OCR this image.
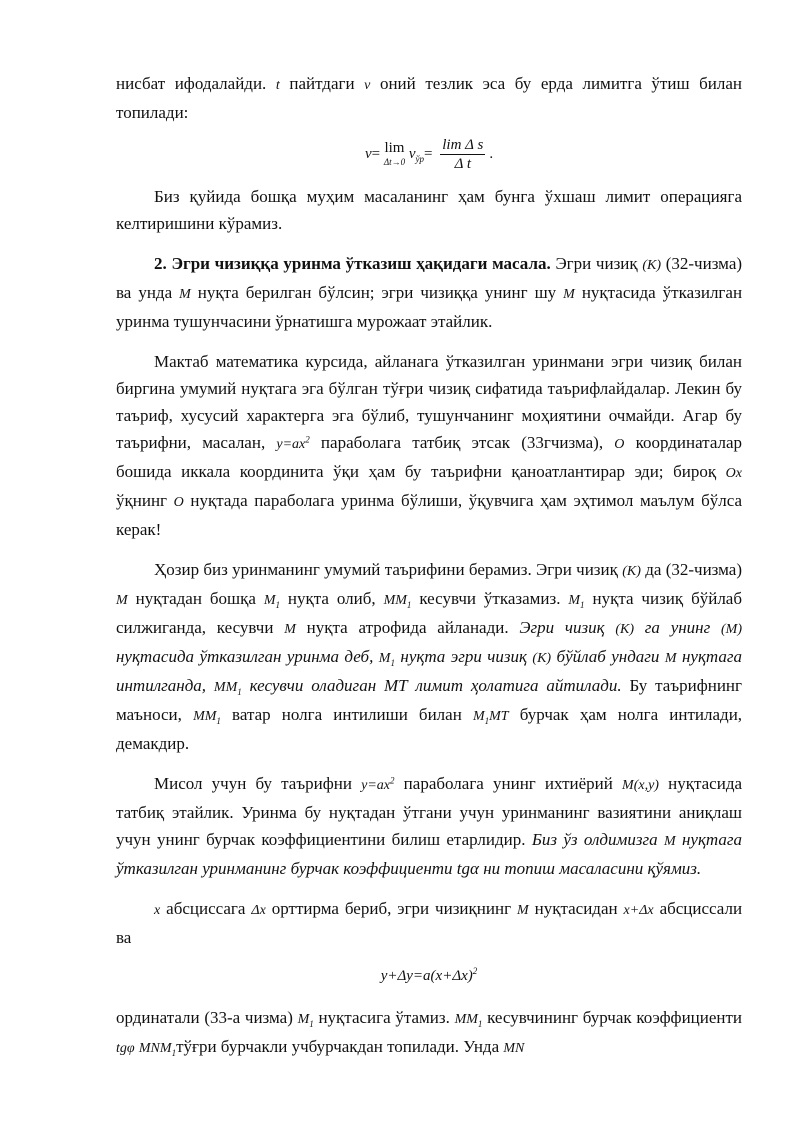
нисбат ифодалайди. t пайтдаги v оний тезлик эса бу ерда лимитга ўтиш билан топилади:

v= lim
Δt→0 $v_{ўр}= \frac{\text{lim Δ s}}{\text{Δ t}}$ .

Биз қуйида бошқа муҳим масаланинг ҳам бунга ўхшаш лимит операцияга келтиришини кўрамиз.

2. Эгри чизиққа уринма ўтказиш ҳақидаги масала. Эгри чизиқ (K) (32-чизма) ва унда M нуқта берилган бўлсин; эгри чизиққа унинг шу M нуқтасида ўтказилган уринма тушунчасини ўрнатишга мурожаат этайлик.

Мактаб математика курсида, айланага ўтказилган уринмани эгри чизиқ билан биргина умумий нуқтага эга бўлган тўғри чизиқ сифатида таърифлайдалар. Лекин бу таъриф, хусусий характерга эга бўлиб, тушунчанинг моҳиятини очмайди. Агар бу таърифни, масалан, $y=ax^2$ параболага татбиқ этсак (33гчизма), O координаталар бошида иккала координита ўқи ҳам бу таърифни қаноатлантирар эди; бироқ Ox ўқнинг O нуқтада параболага уринма бўлиши, ўқувчига ҳам эҳтимол маълум бўлса керак!

Ҳозир биз уринманинг умумий таърифини берамиз. Эгри чизиқ (K) да (32-чизма) M нуқтадан бошқа $M_1$ нуқта олиб, $MM_1$ кесувчи ўтказамиз. $M_1$ нуқта чизиқ бўйлаб силжиганда, кесувчи M нуқта атрофида айланади. Эгри чизиқ (K) га унинг (M) нуқтасида ўтказилган уринма деб, $M_1$ нуқта эгри чизиқ (K) бўйлаб ундаги M нуқтага интилганда, $MM_1$ кесувчи оладиган МТ лимит ҳолатига айтилади. Бу таърифнинг маъноси, $MM_1$ ватар нолга интилиши билан $M_1MT$ бурчак ҳам нолга интилади, демакдир.

Мисол учун бу таърифни $y=ax^2$ параболага унинг ихтиёрий M(x,y) нуқтасида татбиқ этайлик. Уринма бу нуқтадан ўтгани учун уринманинг вазиятини аниқлаш учун унинг бурчак коэффициентини билиш етарлидир. Биз ўз олдимизга M нуқтага ўтказилган уринманинг бурчак коэффициенти tgα ни топиш масаласини қўямиз.

x абсциссага Δx орттирма бериб, эгри чизиқнинг M нуқтасидан x+Δx абсциссали ва

$y+\Delta y=a(x+\Delta x)^2$

ординатали (33-а чизма) $M_1$ нуқтасига ўтамиз. $MM_1$ кесувчининг бурчак коэффициенти tgφ $MNM_1тўғри$ бурчакли учбурчакдан топилади. Унда MN
